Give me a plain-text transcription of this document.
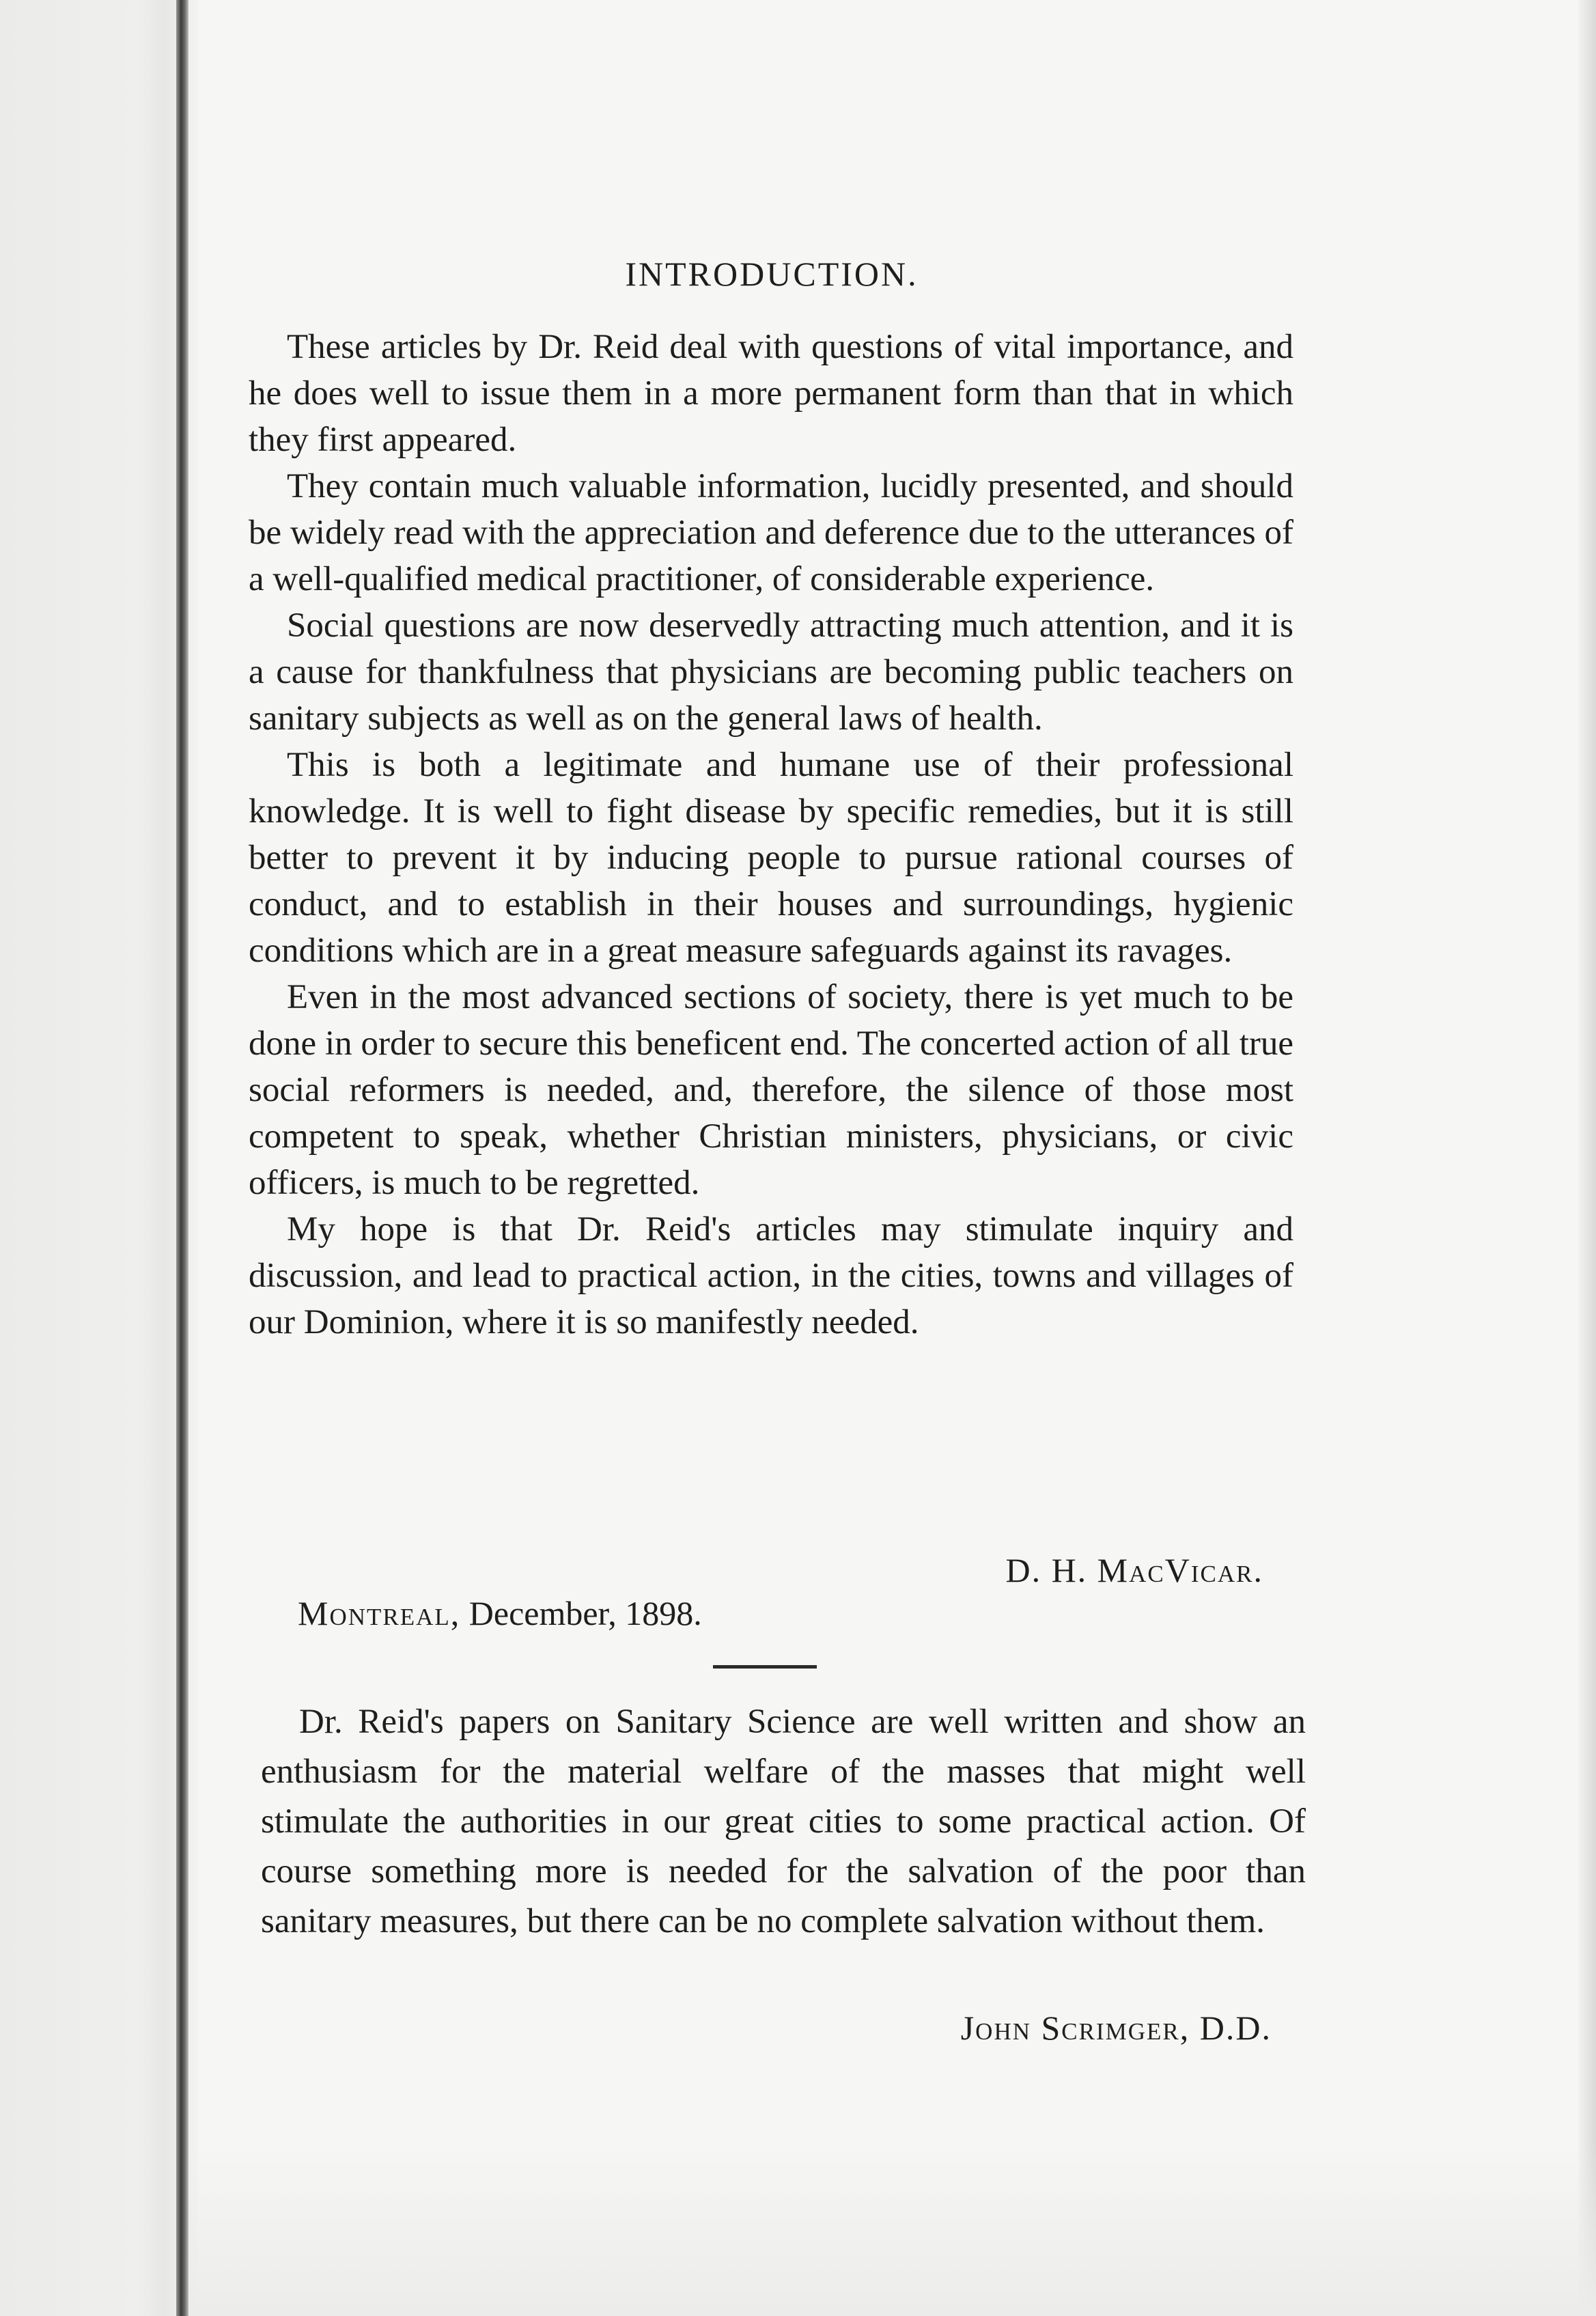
INTRODUCTION.

These articles by Dr. Reid deal with questions of vital importance, and he does well to issue them in a more permanent form than that in which they first appeared.

They contain much valuable information, lucidly presented, and should be widely read with the appreciation and deference due to the utterances of a well-qualified medical practitioner, of considerable experience.

Social questions are now deservedly attracting much attention, and it is a cause for thankfulness that physicians are becoming public teachers on sanitary subjects as well as on the general laws of health.

This is both a legitimate and humane use of their professional knowledge. It is well to fight disease by specific remedies, but it is still better to prevent it by inducing people to pursue rational courses of conduct, and to establish in their houses and surroundings, hygienic conditions which are in a great measure safeguards against its ravages.

Even in the most advanced sections of society, there is yet much to be done in order to secure this beneficent end. The concerted action of all true social reformers is needed, and, therefore, the silence of those most competent to speak, whether Christian ministers, physicians, or civic officers, is much to be regretted.

My hope is that Dr. Reid's articles may stimulate inquiry and discussion, and lead to practical action, in the cities, towns and villages of our Dominion, where it is so manifestly needed.

D. H. MacVicar.

Montreal, December, 1898.

Dr. Reid's papers on Sanitary Science are well written and show an enthusiasm for the material welfare of the masses that might well stimulate the authorities in our great cities to some practical action. Of course something more is needed for the salvation of the poor than sanitary measures, but there can be no complete salvation without them.

John Scrimger, D.D.
